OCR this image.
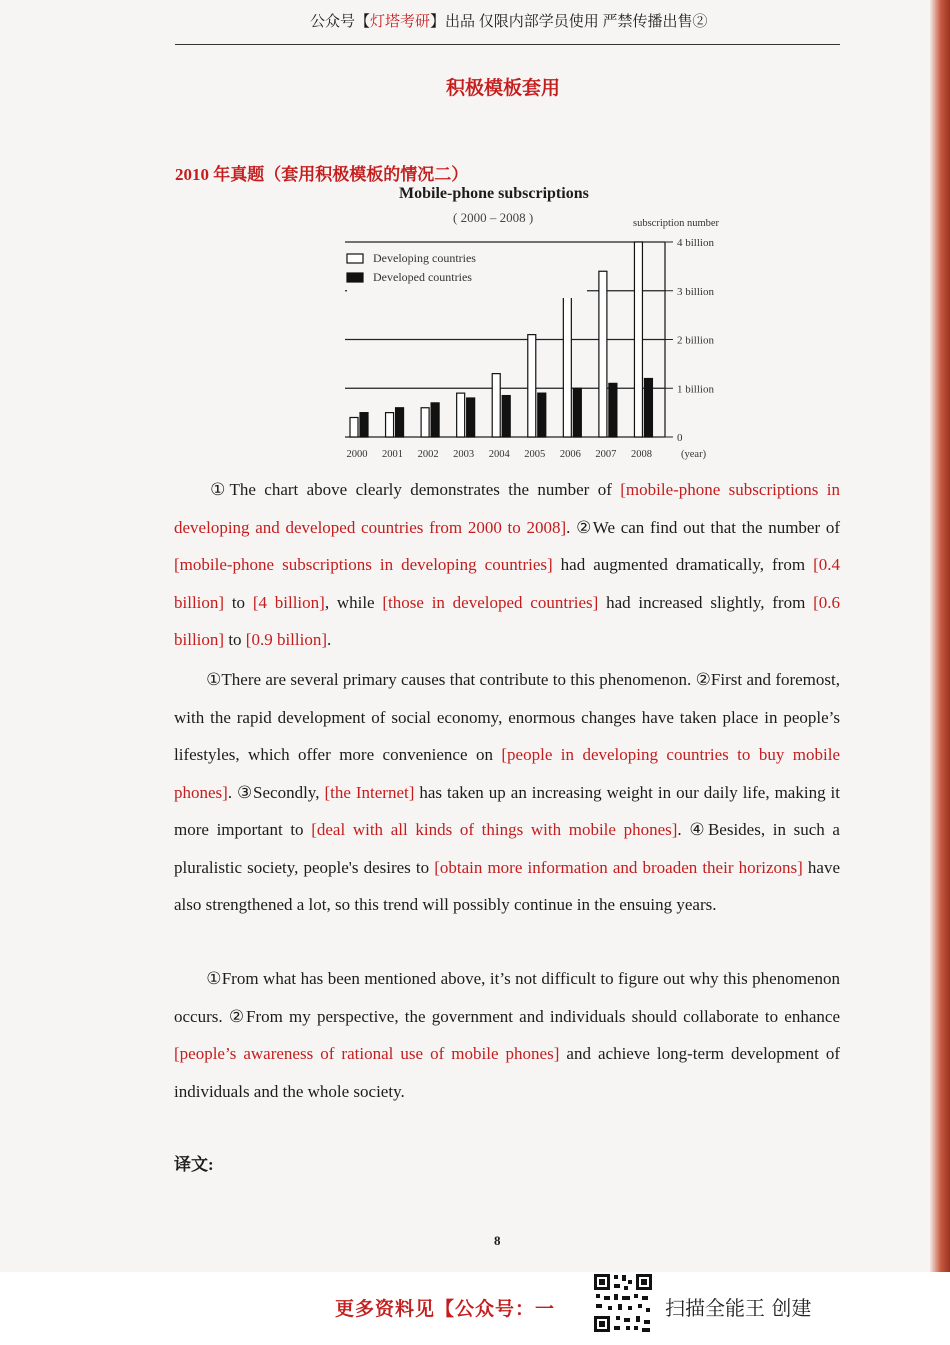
公众号【灯塔考研】出品 仅限内部学员使用 严禁传播出售②
积极模板套用
2010 年真题（套用积极模板的情况二）
Mobile-phone subscriptions
( 2000 – 2008 )
0
1 billion
2 billion
3 billion
4 billion
subscription number
2000 2001 2002 2003 2004 2005 2006 2007 2008	(year)
Developing countries
Developed countries

①The chart above clearly demonstrates the number of [mobile-phone subscriptions in developing and developed countries from 2000 to 2008]. ②We can find out that the number of [mobile-phone subscriptions in developing countries] had augmented dramatically, from [0.4 billion] to [4 billion], while [those in developed countries] had increased slightly, from [0.6 billion] to [0.9 billion].

①There are several primary causes that contribute to this phenomenon. ②First and foremost, with the rapid development of social economy, enormous changes have taken place in people’s lifestyles, which offer more convenience on [people in developing countries to buy mobile phones]. ③Secondly, [the Internet] has taken up an increasing weight in our daily life, making it more important to [deal with all kinds of things with mobile phones]. ④Besides, in such a pluralistic society, people's desires to [obtain more information and broaden their horizons] have also strengthened a lot, so this trend will possibly continue in the ensuing years.

①From what has been mentioned above, it’s not difficult to figure out why this phenomenon occurs. ②From my perspective, the government and individuals should collaborate to enhance [people’s awareness of rational use of mobile phones] and achieve long-term development of individuals and the whole society.

译文:
8
更多资料见【公众号：一	扫描全能王 创建
